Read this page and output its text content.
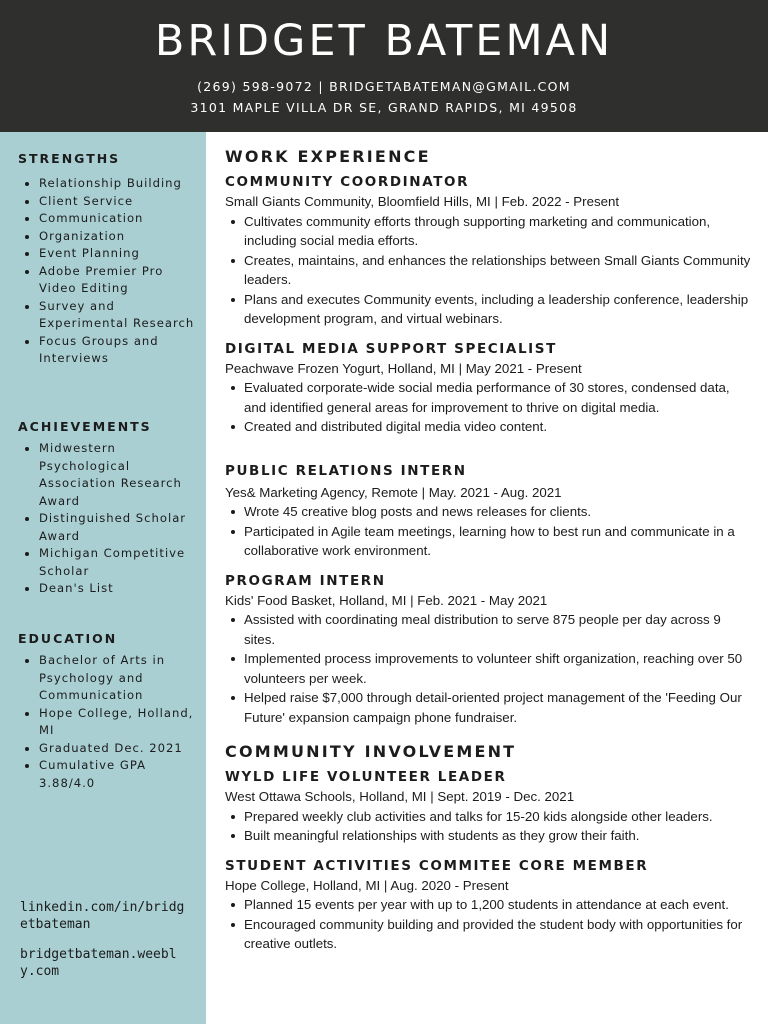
BRIDGET BATEMAN
(269) 598-9072 | BRIDGETABATEMAN@GMAIL.COM
3101 MAPLE VILLA DR SE, GRAND RAPIDS, MI 49508
STRENGTHS
Relationship Building
Client Service
Communication
Organization
Event Planning
Adobe Premier Pro Video Editing
Survey and Experimental Research
Focus Groups and Interviews
ACHIEVEMENTS
Midwestern Psychological Association Research Award
Distinguished Scholar Award
Michigan Competitive Scholar
Dean's List
EDUCATION
Bachelor of Arts in Psychology and Communication
Hope College, Holland, MI
Graduated Dec. 2021
Cumulative GPA 3.88/4.0
linkedin.com/in/bridgetbateman
bridgetbateman.weebly.com
WORK EXPERIENCE
COMMUNITY COORDINATOR
Small Giants Community, Bloomfield Hills, MI | Feb. 2022 - Present
Cultivates community efforts through supporting marketing and communication, including social media efforts.
Creates, maintains, and enhances the relationships between Small Giants Community leaders.
Plans and executes Community events, including a leadership conference, leadership development program, and virtual webinars.
DIGITAL MEDIA SUPPORT SPECIALIST
Peachwave Frozen Yogurt, Holland, MI | May 2021 - Present
Evaluated corporate-wide social media performance of 30 stores, condensed data, and identified general areas for improvement to thrive on digital media.
Created and distributed digital media video content.
PUBLIC RELATIONS INTERN
Yes& Marketing Agency, Remote | May. 2021 - Aug. 2021
Wrote 45 creative blog posts and news releases for clients.
Participated in Agile team meetings, learning how to best run and communicate in a collaborative work environment.
PROGRAM INTERN
Kids' Food Basket, Holland, MI | Feb. 2021 - May 2021
Assisted with coordinating meal distribution to serve 875 people per day across 9 sites.
Implemented process improvements to volunteer shift organization, reaching over 50 volunteers per week.
Helped raise $7,000 through detail-oriented project management of the 'Feeding Our Future' expansion campaign phone fundraiser.
COMMUNITY INVOLVEMENT
WYLD LIFE VOLUNTEER LEADER
West Ottawa Schools, Holland, MI | Sept. 2019 - Dec. 2021
Prepared weekly club activities and talks for 15-20 kids alongside other leaders.
Built meaningful relationships with students as they grow their faith.
STUDENT ACTIVITIES COMMITEE CORE MEMBER
Hope College, Holland, MI | Aug. 2020 - Present
Planned 15 events per year with up to 1,200 students in attendance at each event.
Encouraged community building and provided the student body with opportunities for creative outlets.
